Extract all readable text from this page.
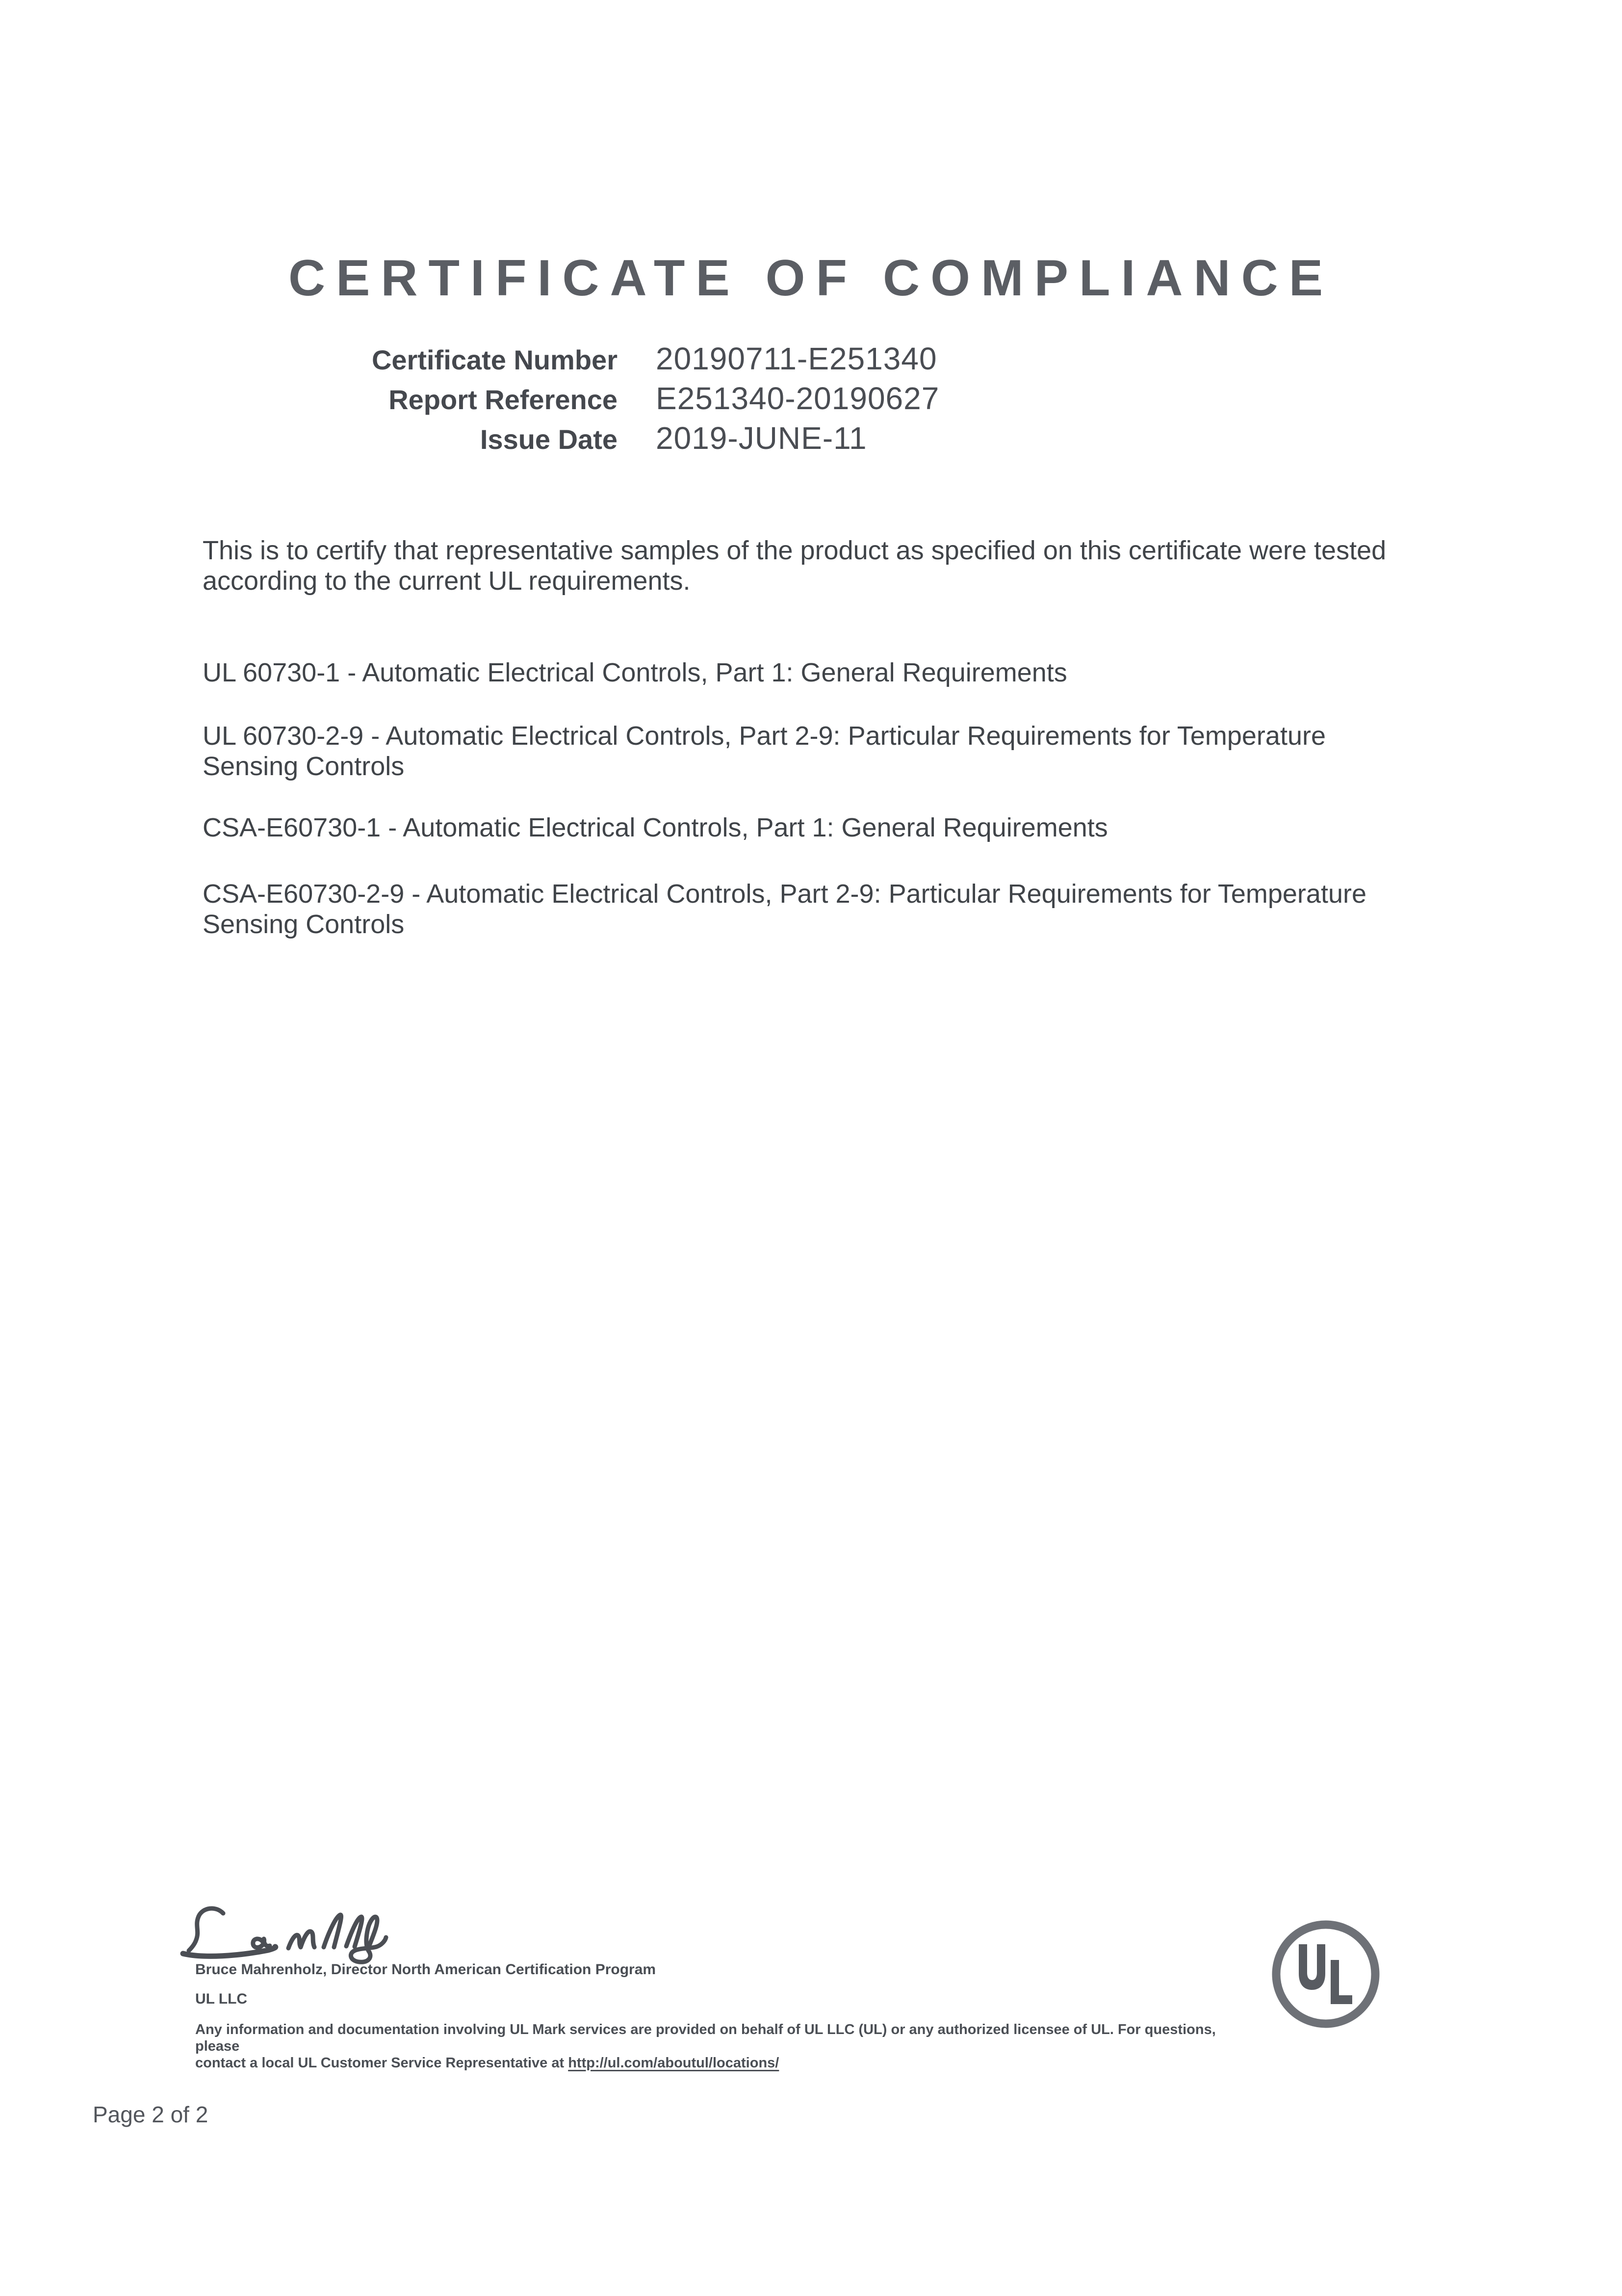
CERTIFICATE OF COMPLIANCE
Certificate Number 20190711-E251340
Report Reference E251340-20190627
Issue Date 2019-JUNE-11
This is to certify that representative samples of the product as specified on this certificate were tested according to the current UL requirements.
UL 60730-1 - Automatic Electrical Controls, Part 1: General Requirements
UL 60730-2-9 - Automatic Electrical Controls, Part 2-9: Particular Requirements for Temperature Sensing Controls
CSA-E60730-1 - Automatic Electrical Controls, Part 1: General Requirements
CSA-E60730-2-9 - Automatic Electrical Controls, Part 2-9: Particular Requirements for Temperature Sensing Controls
Bruce Mahrenholz, Director North American Certification Program
UL LLC
Any information and documentation involving UL Mark services are provided on behalf of UL LLC (UL) or any authorized licensee of UL. For questions, please
contact a local UL Customer Service Representative at http://ul.com/aboutul/locations/
Page 2 of 2
